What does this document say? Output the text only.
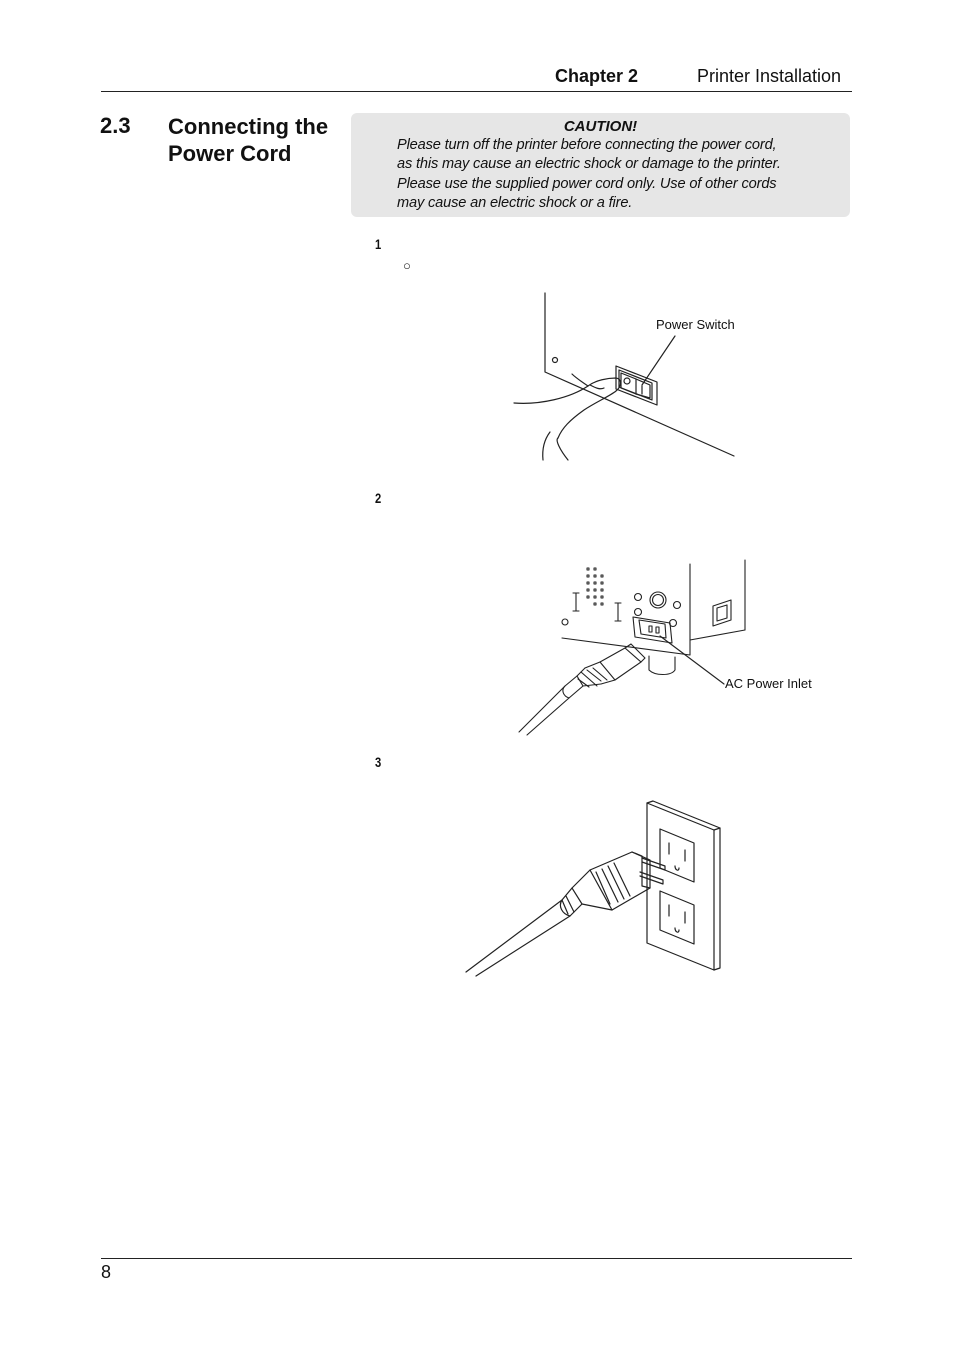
Chapter 2	Printer Installation
2.3 Connecting the Power Cord
CAUTION!
Please turn off the printer before connecting the power cord,
as this may cause an electric shock or damage to the printer.
Please use the supplied power cord only. Use of other cords
may cause an electric shock or a fire.
1
○
Power Switch
2
AC Power Inlet
3
8
